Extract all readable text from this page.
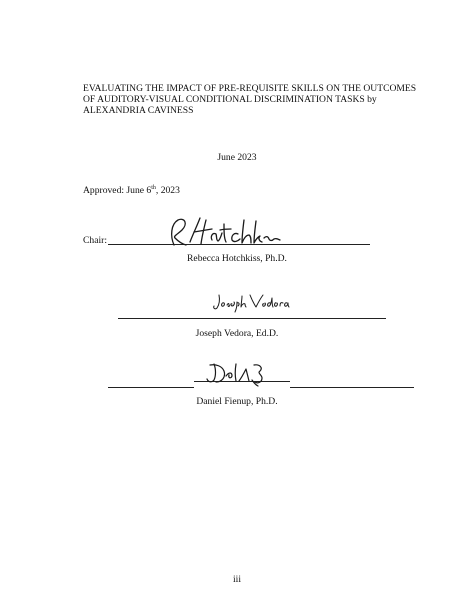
EVALUATING THE IMPACT OF PRE-REQUISITE SKILLS ON THE OUTCOMES
OF AUDITORY-VISUAL CONDITIONAL DISCRIMINATION TASKS by
ALEXANDRIA CAVINESS
June 2023
Approved: June 6th, 2023
Chair:
Rebecca Hotchkiss, Ph.D.
Joseph Vedora, Ed.D.
Daniel Fienup, Ph.D.
iii
